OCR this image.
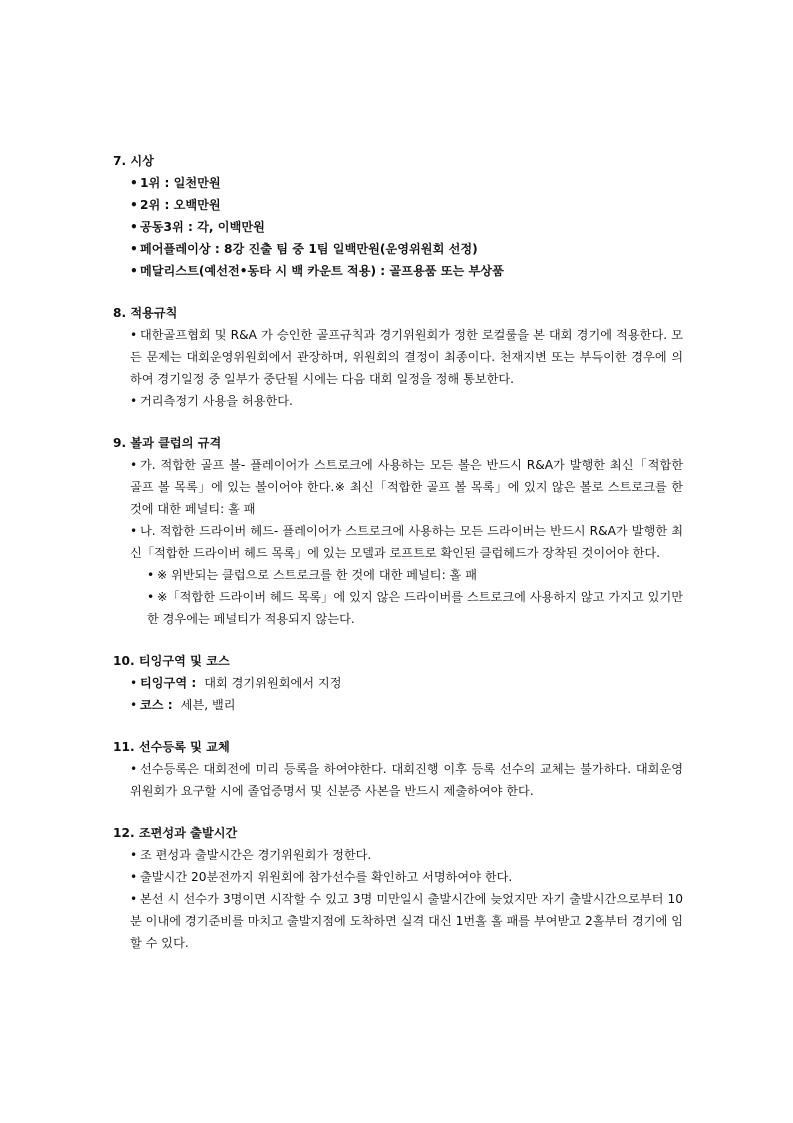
7. 시상
• 1위 : 일천만원
• 2위 : 오백만원
• 공동3위 : 각, 이백만원
• 페어플레이상 : 8강 진출 팀 중 1팀 일백만원(운영위원회 선정)
• 메달리스트(예선전•동타 시 백 카운트 적용) : 골프용품 또는 부상품
8. 적용규칙
• 대한골프협회 및 R&A 가 승인한 골프규칙과 경기위원회가 정한 로컬룰을 본 대회 경기에 적용한다. 모든 문제는 대회운영위원회에서 관장하며, 위원회의 결정이 최종이다. 천재지변 또는 부득이한 경우에 의하여 경기일정 중 일부가 중단될 시에는 다음 대회 일정을 정해 통보한다.
• 거리측정기 사용을 허용한다.
9. 볼과 클럽의 규격
• 가. 적합한 골프 볼- 플레이어가 스트로크에 사용하는 모든 볼은 반드시 R&A가 발행한 최신「적합한 골프 볼 목록」에 있는 볼이어야 한다.※ 최신「적합한 골프 볼 목록」에 있지 않은 볼로 스트로크를 한 것에 대한 페널티: 홀 패
• 나. 적합한 드라이버 헤드- 플레이어가 스트로크에 사용하는 모든 드라이버는 반드시 R&A가 발행한 최신「적합한 드라이버 헤드 목록」에 있는 모델과 로프트로 확인된 클럽헤드가 장착된 것이어야 한다.
• ※ 위반되는 클럽으로 스트로크를 한 것에 대한 페널티: 홀 패
• ※「적합한 드라이버 헤드 목록」에 있지 않은 드라이버를 스트로크에 사용하지 않고 가지고 있기만 한 경우에는 페널티가 적용되지 않는다.
10. 티잉구역 및 코스
• 티잉구역 : 대회 경기위원회에서 지정
• 코스 : 세븐, 밸리
11. 선수등록 및 교체
• 선수등록은 대회전에 미리 등록을 하여야한다. 대회진행 이후 등록 선수의 교체는 불가하다. 대회운영 위원회가 요구할 시에 졸업증명서 및 신분증 사본을 반드시 제출하여야 한다.
12. 조편성과 출발시간
• 조 편성과 출발시간은 경기위원회가 정한다.
• 출발시간 20분전까지 위원회에 참가선수를 확인하고 서명하여야 한다.
• 본선 시 선수가 3명이면 시작할 수 있고 3명 미만일시 출발시간에 늦었지만 자기 출발시간으로부터 10분 이내에 경기준비를 마치고 출발지점에 도착하면 실격 대신 1번홀 홀 패를 부여받고 2홀부터 경기에 임할 수 있다.
